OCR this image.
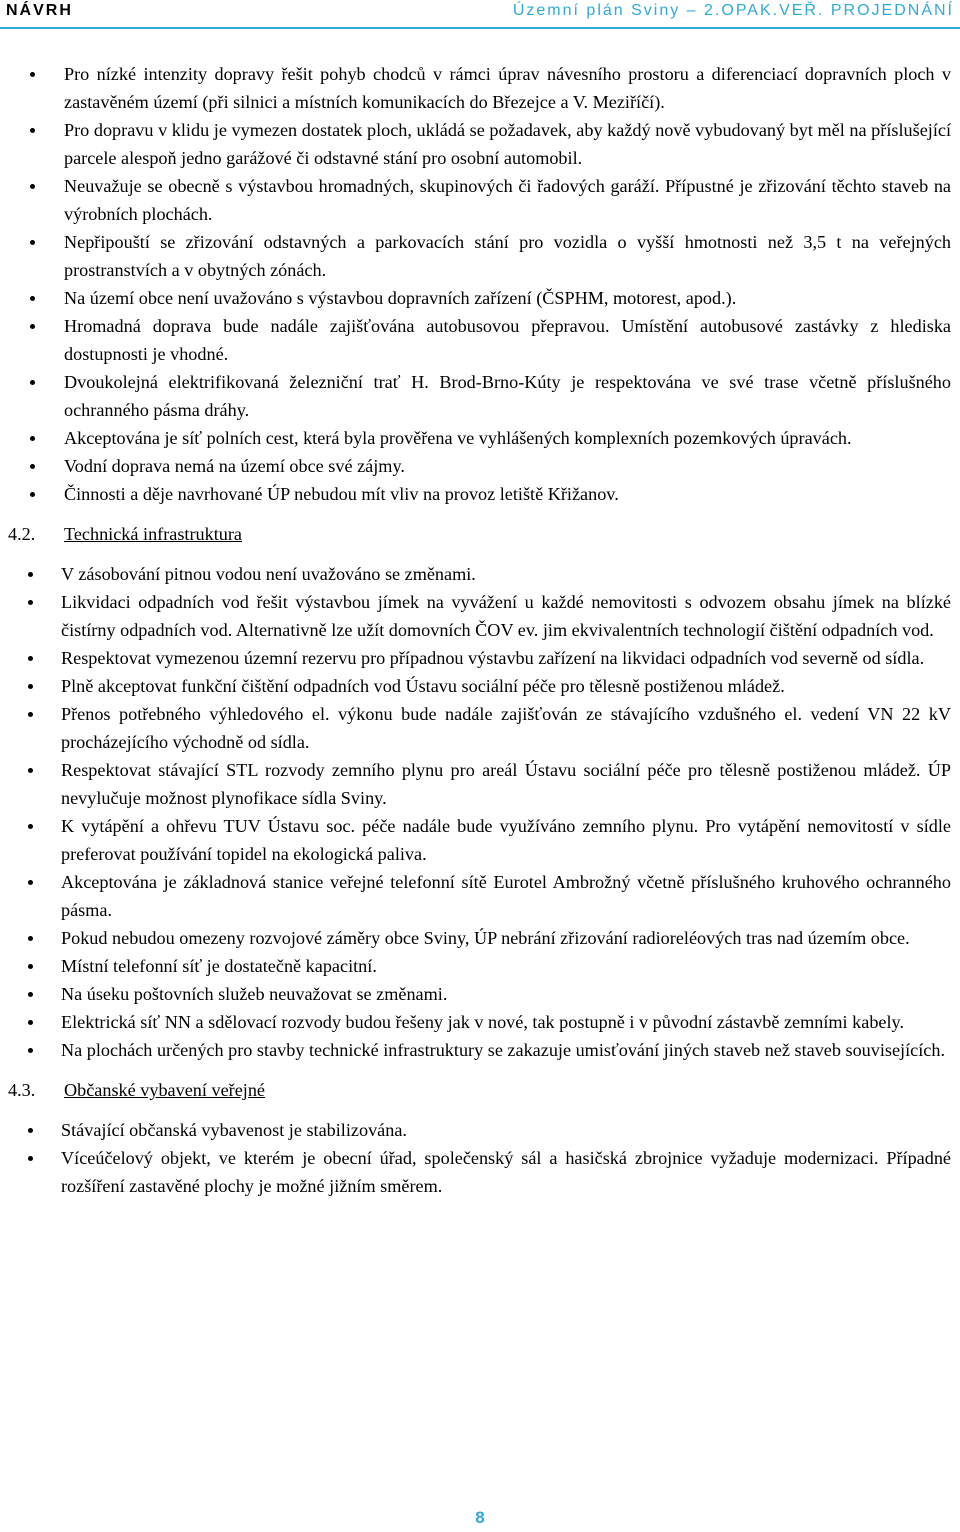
NÁVRH	Územní plán Sviny – 2.OPAK.VEŘ. PROJEDNÁNÍ
Pro nízké intenzity dopravy řešit pohyb chodců v rámci úprav návesního prostoru a diferenciací dopravních ploch v zastavěném území (při silnici a místních komunikacích do Březejce a V. Meziříčí).
Pro dopravu v klidu je vymezen dostatek ploch, ukládá se požadavek, aby každý nově vybudovaný byt měl na příslušející parcele alespoň jedno garážové či odstavné stání pro osobní automobil.
Neuvažuje se obecně s výstavbou hromadných, skupinových či řadových garáží. Přípustné je zřizování těchto staveb na výrobních plochách.
Nepřipouští se zřizování odstavných a parkovacích stání pro vozidla o vyšší hmotnosti než 3,5 t na veřejných prostranstvích a v obytných zónách.
Na území obce není uvažováno s výstavbou dopravních zařízení (ČSPHM, motorest, apod.).
Hromadná doprava bude nadále zajišťována autobusovou přepravou. Umístění autobusové zastávky z hlediska dostupnosti je vhodné.
Dvoukolejná elektrifikovaná železniční trať H. Brod-Brno-Kúty je respektována ve své trase včetně příslušného ochranného pásma dráhy.
Akceptována je síť polních cest, která byla prověřena ve vyhlášených komplexních pozemkových úpravách.
Vodní doprava nemá na území obce své zájmy.
Činnosti a děje navrhované ÚP nebudou mít vliv na provoz letiště Křižanov.
4.2. Technická infrastruktura
V zásobování pitnou vodou není uvažováno se změnami.
Likvidaci odpadních vod řešit výstavbou jímek na vyvážení u každé nemovitosti s odvozem obsahu jímek na blízké čistírny odpadních vod. Alternativně lze užít domovních ČOV ev. jim ekvivalentních technologií čištění odpadních vod.
Respektovat vymezenou územní rezervu pro případnou výstavbu zařízení na likvidaci odpadních vod severně od sídla.
Plně akceptovat funkční čištění odpadních vod Ústavu sociální péče pro tělesně postiženou mládež.
Přenos potřebného výhledového el. výkonu bude nadále zajišťován ze stávajícího vzdušného el. vedení VN 22 kV procházejícího východně od sídla.
Respektovat stávající STL rozvody zemního plynu pro areál Ústavu sociální péče pro tělesně postiženou mládež. ÚP nevylučuje možnost plynofikace sídla Sviny.
K vytápění a ohřevu TUV Ústavu soc. péče nadále bude využíváno zemního plynu. Pro vytápění nemovitostí v sídle preferovat používání topidel na ekologická paliva.
Akceptována je základnová stanice veřejné telefonní sítě Eurotel Ambrožný včetně příslušného kruhového ochranného pásma.
Pokud nebudou omezeny rozvojové záměry obce Sviny, ÚP nebrání zřizování radioreléových tras nad územím obce.
Místní telefonní síť je dostatečně kapacitní.
Na úseku poštovních služeb neuvažovat se změnami.
Elektrická síť NN a sdělovací rozvody budou řešeny jak v nové, tak postupně i v původní zástavbě zemními kabely.
Na plochách určených pro stavby technické infrastruktury se zakazuje umisťování jiných staveb než staveb souvisejících.
4.3. Občanské vybavení veřejné
Stávající občanská vybavenost je stabilizována.
Víceúčelový objekt, ve kterém je obecní úřad, společenský sál a hasičská zbrojnice vyžaduje modernizaci. Případné rozšíření zastavěné plochy je možné jižním směrem.
8
